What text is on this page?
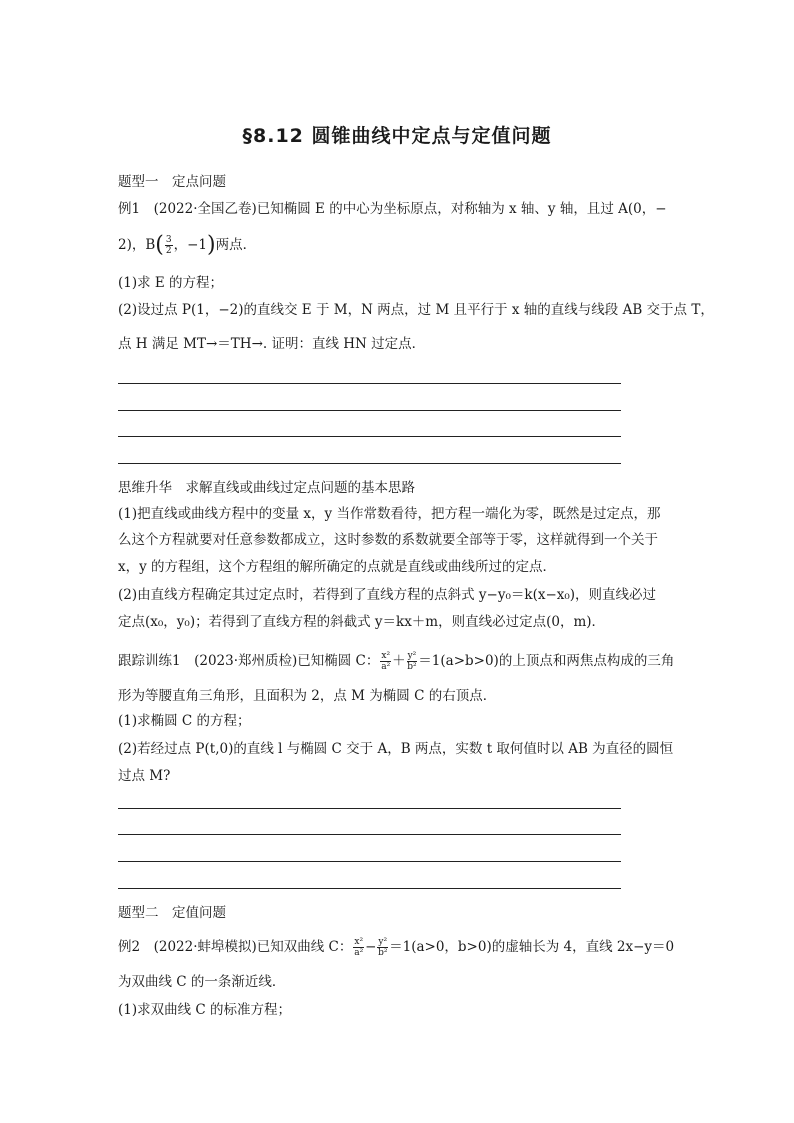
§8.12 圆锥曲线中定点与定值问题
题型一　定点问题
例1　(2022·全国乙卷)已知椭圆 E 的中心为坐标原点，对称轴为 x 轴、y 轴，且过 A(0，−
2)，$B( \frac{3}{2}$ ，−1)两点．
(1)求 E 的方程；
(2)设过点 P(1，−2)的直线交 E 于 M，N 两点，过 M 且平行于 x 轴的直线与线段 AB 交于点 T，
点 H 满足 MT→＝TH→. 证明：直线 HN 过定点．
思维升华　求解直线或曲线过定点问题的基本思路
(1)把直线或曲线方程中的变量 x，y 当作常数看待，把方程一端化为零，既然是过定点，那
么这个方程就要对任意参数都成立，这时参数的系数就要全部等于零，这样就得到一个关于
x，y 的方程组，这个方程组的解所确定的点就是直线或曲线所过的定点．
(2)由直线方程确定其过定点时，若得到了直线方程的点斜式 y−y₀＝k(x−x₀)，则直线必过
定点(x₀，y₀)；若得到了直线方程的斜截式 y＝kx＋m，则直线必过定点(0，m)．
跟踪训练1　(2023·郑州质检)已知椭圆 C： $\frac{\text{x²}}{\text{a²}} + \frac{\text{y²}}{\text{b²}} =1(a>b>0)$的上顶点和两焦点构成的三角
形为等腰直角三角形，且面积为 2，点 M 为椭圆 C 的右顶点．
(1)求椭圆 C 的方程；
(2)若经过点 P(t,0)的直线 l 与椭圆 C 交于 A，B 两点，实数 t 取何值时以 AB 为直径的圆恒
过点 M?
题型二　定值问题
例2　(2022·蚌埠模拟)已知双曲线 C： $\frac{\text{x²}}{\text{a²}} - \frac{\text{y²}}{\text{b²}} =1(a>0$，b>0)的虚轴长为 4，直线 2x−y＝0
为双曲线 C 的一条渐近线．
(1)求双曲线 C 的标准方程；
